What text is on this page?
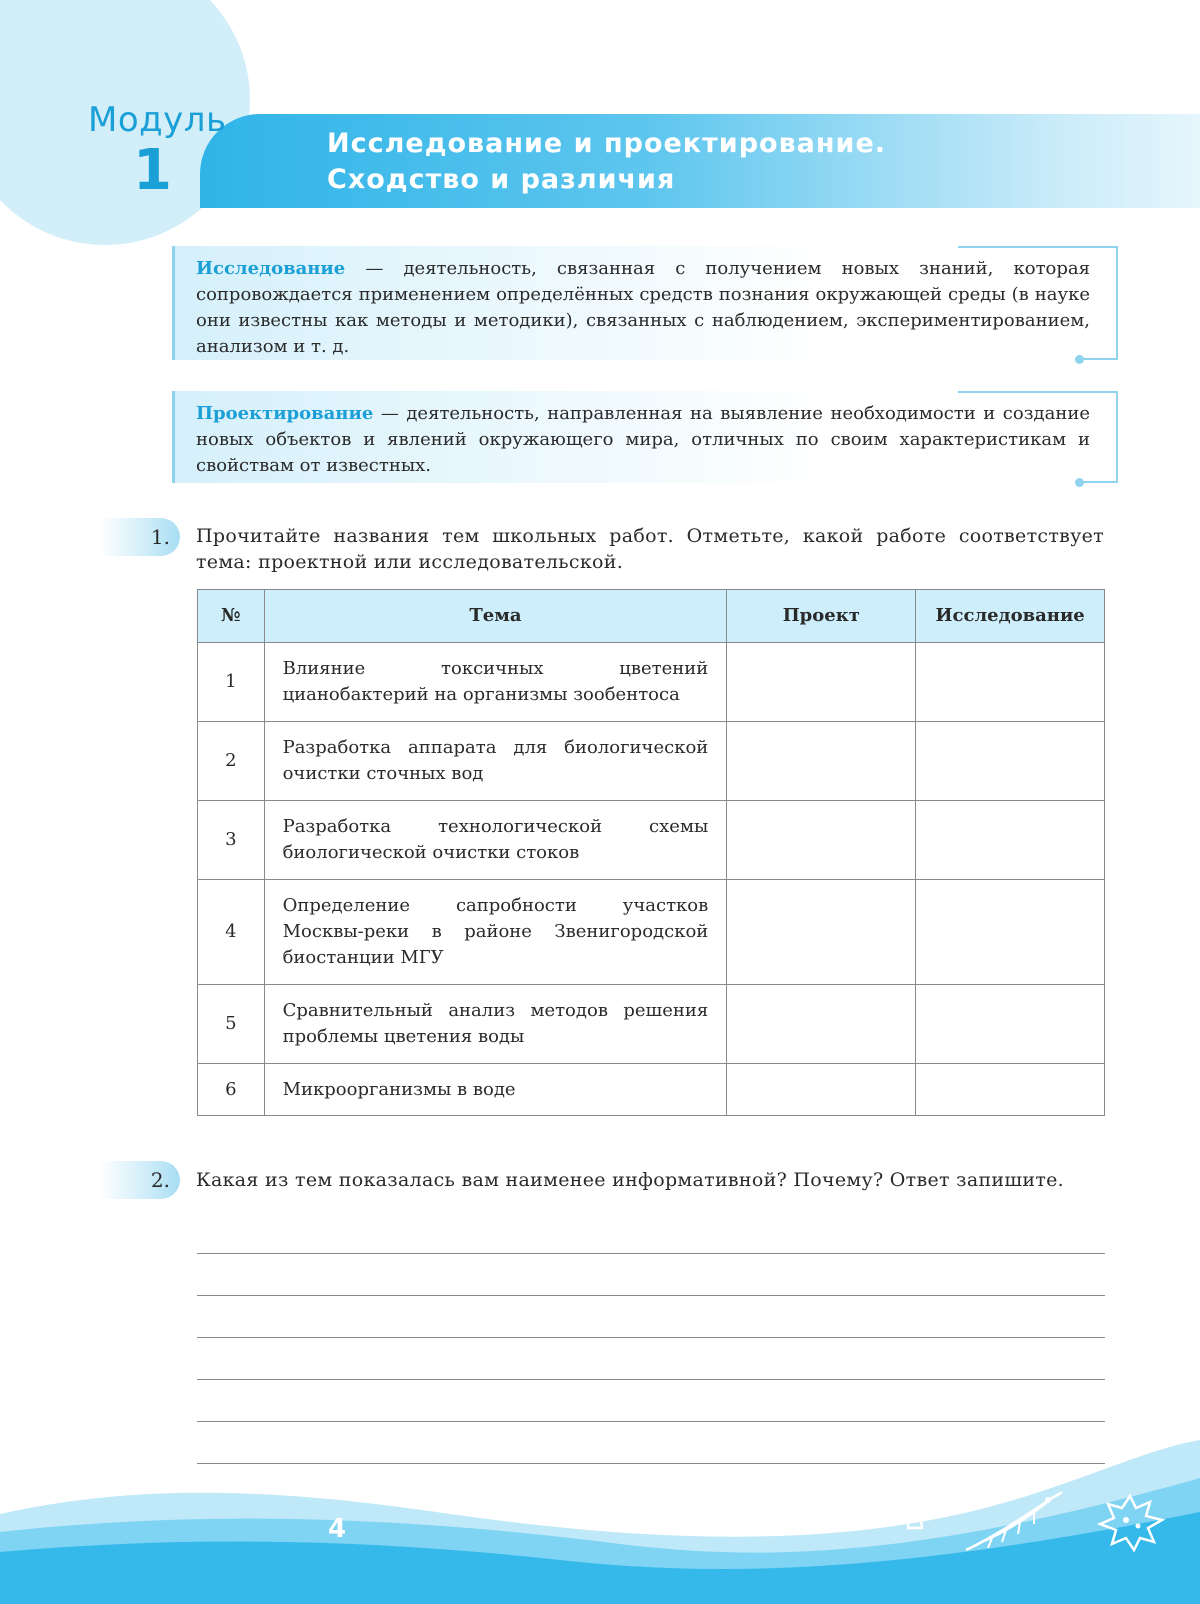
Модуль
1	Исследование и проектирование.
Сходство и различия
Исследование — деятельность, связанная с получением новых знаний, которая сопровождается применением определённых средств познания окружающей среды (в науке они известны как методы и методики), связанных с наблюдением, экспериментированием, анализом и т. д.
Проектирование — деятельность, направленная на выявление необходимости и создание новых объектов и явлений окружающего мира, отличных по своим характеристикам и свойствам от известных.
1. Прочитайте названия тем школьных работ. Отметьте, какой работе соответствует тема: проектной или исследовательской.
№	Тема	Проект	Исследование
1	Влияние токсичных цветений цианобактерий на организмы зообентоса		
2	Разработка аппарата для биологической очистки сточных вод		
3	Разработка технологической схемы биологической очистки стоков		
4	Определение сапробности участков Москвы-реки в районе Звенигородской биостанции МГУ		
5	Сравнительный анализ методов решения проблемы цветения воды		
6	Микроорганизмы в воде		
2. Какая из тем показалась вам наименее информативной? Почему? Ответ запишите.
4
